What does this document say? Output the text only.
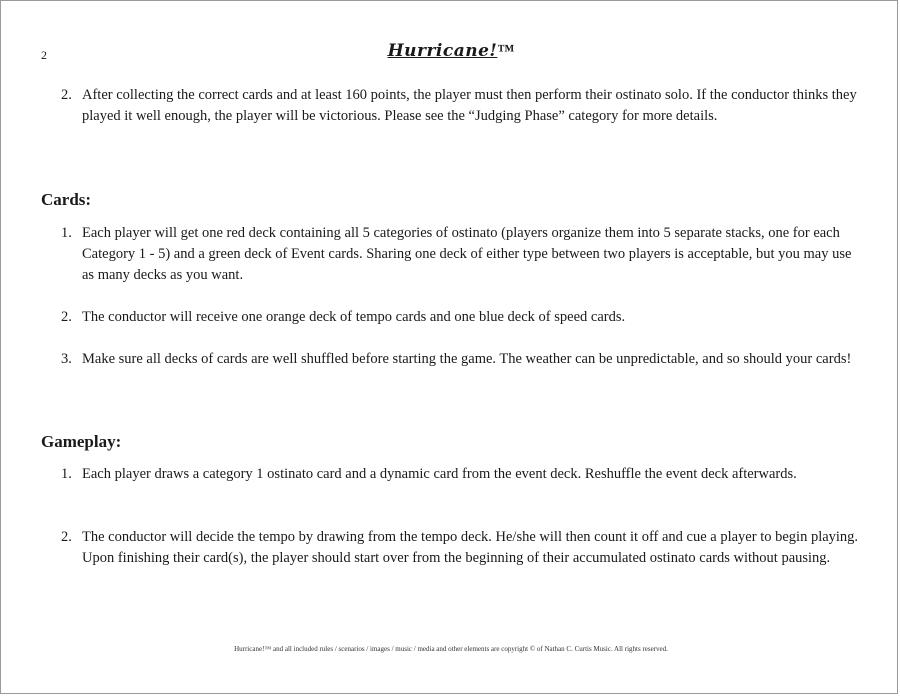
2	Hurricane!™
2. After collecting the correct cards and at least 160 points, the player must then perform their ostinato solo. If the conductor thinks they played it well enough, the player will be victorious. Please see the “Judging Phase” category for more details.
Cards:
1. Each player will get one red deck containing all 5 categories of ostinato (players organize them into 5 separate stacks, one for each Category 1 - 5) and a green deck of Event cards. Sharing one deck of either type between two players is acceptable, but you may use as many decks as you want.
2. The conductor will receive one orange deck of tempo cards and one blue deck of speed cards.
3. Make sure all decks of cards are well shuffled before starting the game. The weather can be unpredictable, and so should your cards!
Gameplay:
1. Each player draws a category 1 ostinato card and a dynamic card from the event deck. Reshuffle the event deck afterwards.
2. The conductor will decide the tempo by drawing from the tempo deck. He/she will then count it off and cue a player to begin playing. Upon finishing their card(s), the player should start over from the beginning of their accumulated ostinato cards without pausing.
Hurricane!™ and all included rules / scenarios / images / music / media and other elements are copyright © of Nathan C. Curtis Music. All rights reserved.
